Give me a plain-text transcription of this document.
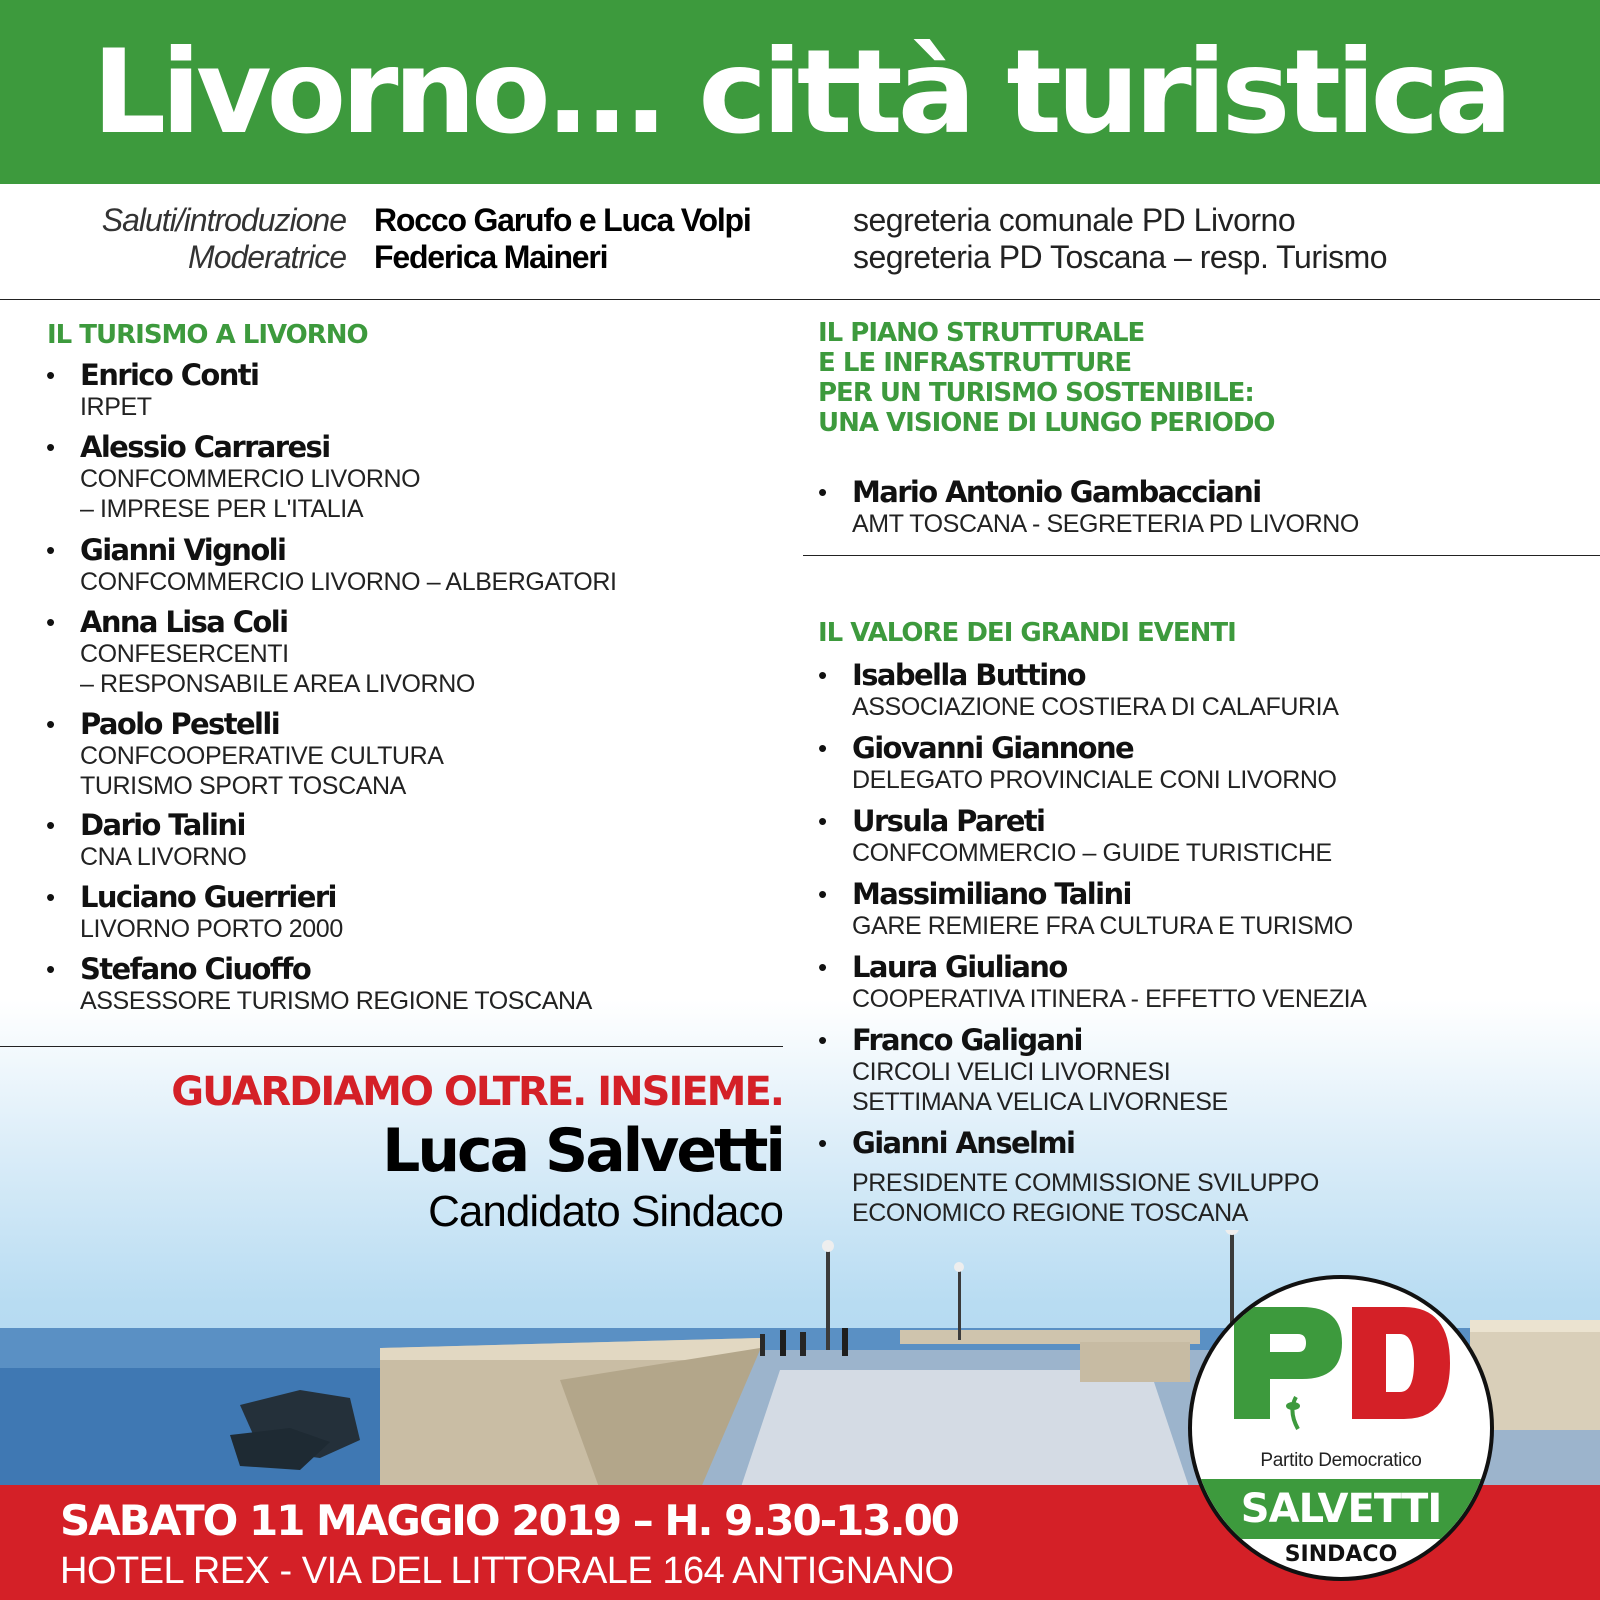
Livorno... città turistica
Saluti/introduzione Rocco Garufo e Luca Volpi	segreteria comunale PD Livorno
Moderatrice Federica Maineri	segreteria PD Toscana – resp. Turismo
IL TURISMO A LIVORNO
• Enrico Conti
IRPET
• Alessio Carraresi
CONFCOMMERCIO LIVORNO
– IMPRESE PER L'ITALIA
• Gianni Vignoli
CONFCOMMERCIO LIVORNO – ALBERGATORI
• Anna Lisa Coli
CONFESERCENTI
– RESPONSABILE AREA LIVORNO
• Paolo Pestelli
CONFCOOPERATIVE CULTURA
TURISMO SPORT TOSCANA
• Dario Talini
CNA LIVORNO
• Luciano Guerrieri
LIVORNO PORTO 2000
• Stefano Ciuoffo
ASSESSORE TURISMO REGIONE TOSCANA
IL PIANO STRUTTURALE
E LE INFRASTRUTTURE
PER UN TURISMO SOSTENIBILE:
UNA VISIONE DI LUNGO PERIODO
• Mario Antonio Gambacciani
AMT TOSCANA - SEGRETERIA PD LIVORNO
IL VALORE DEI GRANDI EVENTI
• Isabella Buttino
ASSOCIAZIONE COSTIERA DI CALAFURIA
• Giovanni Giannone
DELEGATO PROVINCIALE CONI LIVORNO
• Ursula Pareti
CONFCOMMERCIO – GUIDE TURISTICHE
• Massimiliano Talini
GARE REMIERE FRA CULTURA E TURISMO
• Laura Giuliano
COOPERATIVA ITINERA - EFFETTO VENEZIA
• Franco Galigani
CIRCOLI VELICI LIVORNESI
SETTIMANA VELICA LIVORNESE
• Gianni Anselmi
PRESIDENTE COMMISSIONE SVILUPPO
ECONOMICO REGIONE TOSCANA
GUARDIAMO OLTRE. INSIEME.
Luca Salvetti
Candidato Sindaco
SABATO 11 MAGGIO 2019 – H. 9.30-13.00
HOTEL REX - VIA DEL LITTORALE 164 ANTIGNANO
Partito Democratico
SALVETTI
SINDACO
